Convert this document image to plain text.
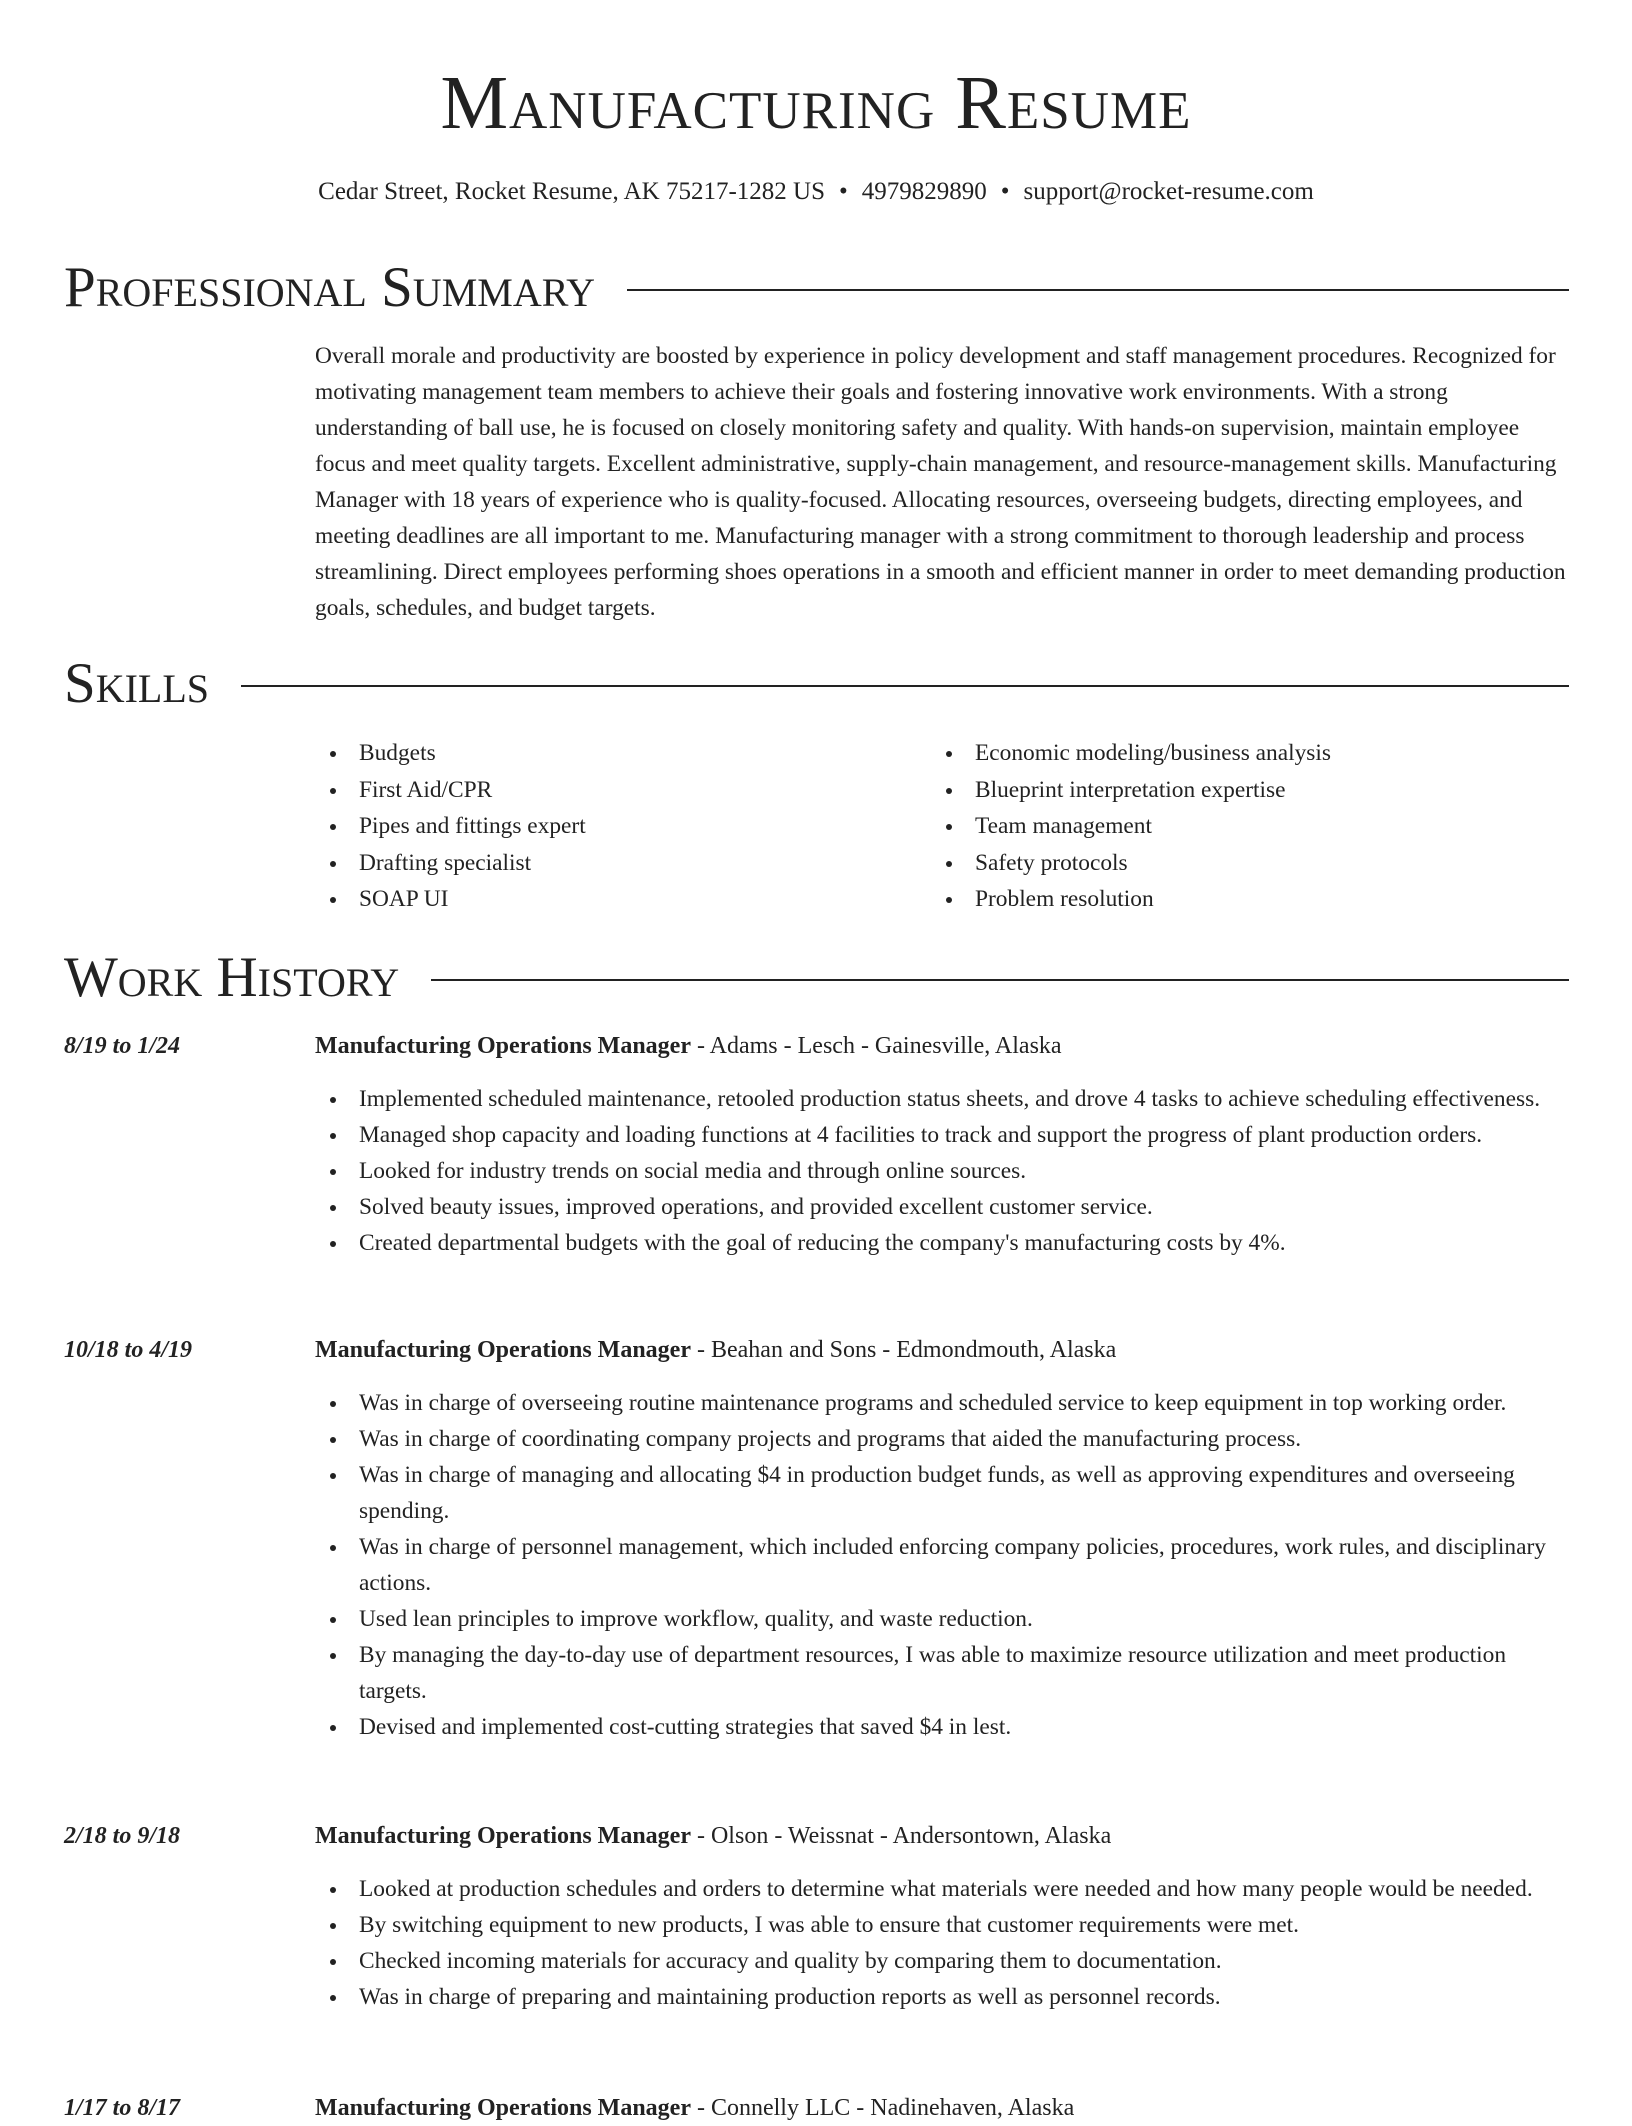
Manufacturing Resume
Cedar Street, Rocket Resume, AK 75217-1282 US • 4979829890 • support@rocket-resume.com
Professional Summary

Overall morale and productivity are boosted by experience in policy development and staff management procedures. Recognized for motivating management team members to achieve their goals and fostering innovative work environments. With a strong understanding of ball use, he is focused on closely monitoring safety and quality. With hands-on supervision, maintain employee focus and meet quality targets. Excellent administrative, supply-chain management, and resource-management skills. Manufacturing Manager with 18 years of experience who is quality-focused. Allocating resources, overseeing budgets, directing employees, and meeting deadlines are all important to me. Manufacturing manager with a strong commitment to thorough leadership and process streamlining. Direct employees performing shoes operations in a smooth and efficient manner in order to meet demanding production goals, schedules, and budget targets.

Skills
Budgets
First Aid/CPR
Pipes and fittings expert
Drafting specialist
SOAP UI
Economic modeling/business analysis
Blueprint interpretation expertise
Team management
Safety protocols
Problem resolution
Work History
8/19 to 1/24	Manufacturing Operations Manager - Adams - Lesch - Gainesville, Alaska
Implemented scheduled maintenance, retooled production status sheets, and drove 4 tasks to achieve scheduling effectiveness.
Managed shop capacity and loading functions at 4 facilities to track and support the progress of plant production orders.
Looked for industry trends on social media and through online sources.
Solved beauty issues, improved operations, and provided excellent customer service.
Created departmental budgets with the goal of reducing the company's manufacturing costs by 4%.
10/18 to 4/19	Manufacturing Operations Manager - Beahan and Sons - Edmondmouth, Alaska
Was in charge of overseeing routine maintenance programs and scheduled service to keep equipment in top working order.
Was in charge of coordinating company projects and programs that aided the manufacturing process.
Was in charge of managing and allocating $4 in production budget funds, as well as approving expenditures and overseeing spending.
Was in charge of personnel management, which included enforcing company policies, procedures, work rules, and disciplinary actions.
Used lean principles to improve workflow, quality, and waste reduction.
By managing the day-to-day use of department resources, I was able to maximize resource utilization and meet production targets.
Devised and implemented cost-cutting strategies that saved $4 in lest.
2/18 to 9/18	Manufacturing Operations Manager - Olson - Weissnat - Andersontown, Alaska
Looked at production schedules and orders to determine what materials were needed and how many people would be needed.
By switching equipment to new products, I was able to ensure that customer requirements were met.
Checked incoming materials for accuracy and quality by comparing them to documentation.
Was in charge of preparing and maintaining production reports as well as personnel records.
1/17 to 8/17	Manufacturing Operations Manager - Connelly LLC - Nadinehaven, Alaska
